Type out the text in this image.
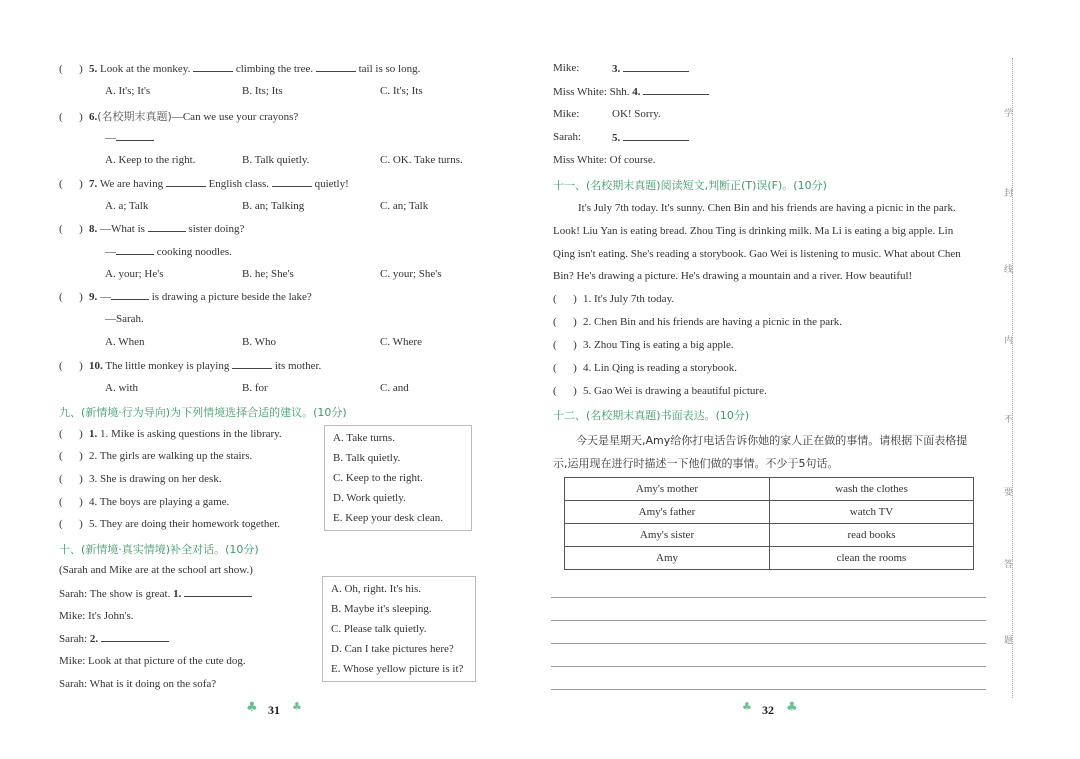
(      ) 5. Look at the monkey.	climbing the tree.	tail is so long.
A. It's; It's	B. Its; Its	C. It's; Its
(      ) 6.(名校期末真题)—Can we use your crayons?
—
A. Keep to the right.	B. Talk quietly.	C. OK. Take turns.
(      ) 7. We are having	English class.	quietly!
A. a; Talk	B. an; Talking	C. an; Talk
(      ) 8. —What is	sister doing?
—	cooking noodles.
A. your; He's	B. he; She's	C. your; She's
(      ) 9. —	is drawing a picture beside the lake?
—Sarah.
A. When	B. Who	C. Where
(      ) 10. The little monkey is playing	its mother.
A. with	B. for	C. and
九、(新情境·行为导向)为下列情境选择合适的建议。(10分)
(      ) 1. 1. Mike is asking questions in the library.
(      ) 2. The girls are walking up the stairs.
(      ) 3. She is drawing on her desk.
(      ) 4. The boys are playing a game.
(      ) 5. They are doing their homework together.
A. Take turns.
B. Talk quietly.
C. Keep to the right.
D. Work quietly.
E. Keep your desk clean.
十、(新情境·真实情境)补全对话。(10分)
(Sarah and Mike are at the school art show.)
Sarah: The show is great. 1.
Mike: It's John's.
Sarah: 2.
Mike: Look at that picture of the cute dog.
Sarah: What is it doing on the sofa?
A. Oh, right. It's his.
B. Maybe it's sleeping.
C. Please talk quietly.
D. Can I take pictures here?
E. Whose yellow picture is it?
♣ 31 ♣
Mike:	3.
Miss White: Shh. 4.
Mike:	OK! Sorry.
Sarah:	5.
Miss White: Of course.
十一、(名校期末真题)阅读短文,判断正(T)误(F)。(10分)
It's July 7th today. It's sunny. Chen Bin and his friends are having a picnic in the park.
Look! Liu Yan is eating bread. Zhou Ting is drinking milk. Ma Li is eating a big apple. Lin
Qing isn't eating. She's reading a storybook. Gao Wei is listening to music. What about Chen
Bin? He's drawing a picture. He's drawing a mountain and a river. How beautiful!
(      ) 1. It's July 7th today.
(      ) 2. Chen Bin and his friends are having a picnic in the park.
(      ) 3. Zhou Ting is eating a big apple.
(      ) 4. Lin Qing is reading a storybook.
(      ) 5. Gao Wei is drawing a beautiful picture.
十二、(名校期末真题)书面表达。(10分)
今天是星期天,Amy给你打电话告诉你她的家人正在做的事情。请根据下面表格提
示,运用现在进行时描述一下他们做的事情。不少于5句话。
Amy's mother	wash the clothes
Amy's father	watch TV
Amy's sister	read books
Amy	clean the rooms
♣ 32 ♣
学
封
线
内
不
要
答
题
